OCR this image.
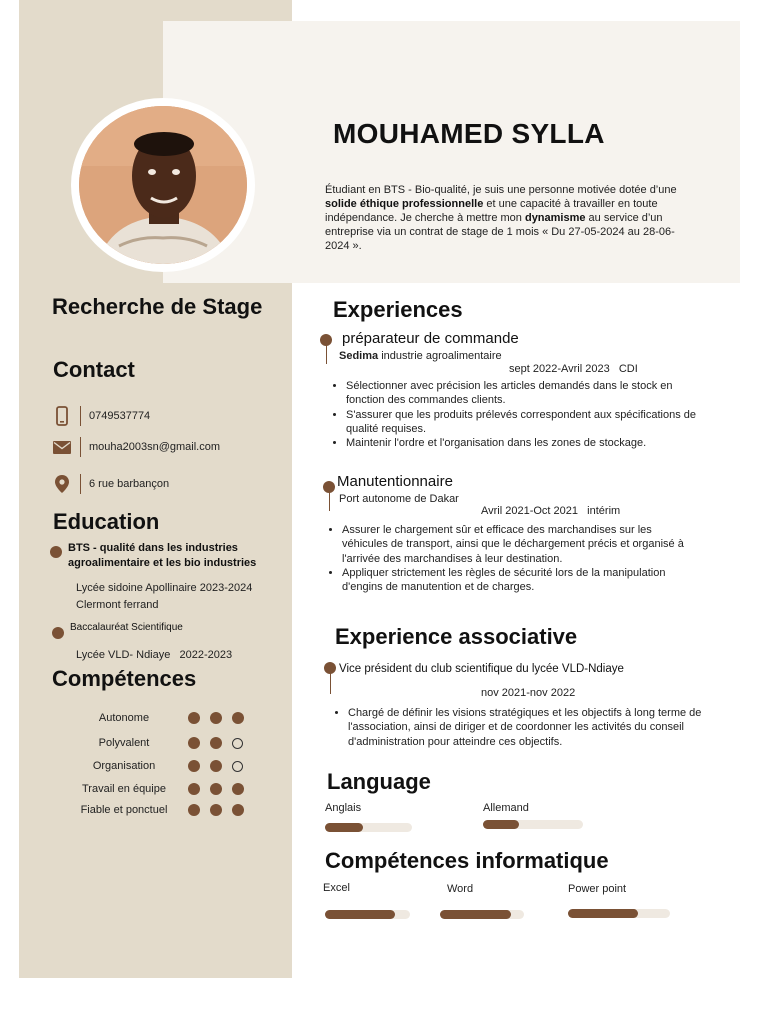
MOUHAMED SYLLA
Étudiant en BTS - Bio-qualité, je suis une personne motivée dotée d’une solide éthique professionnelle et une capacité à travailler en toute indépendance. Je cherche à mettre mon dynamisme au service d’un entreprise via un contrat de stage de 1 mois « Du 27-05-2024 au 28-06-2024 ».
Recherche de Stage
Contact
0749537774
mouha2003sn@gmail.com
6 rue barbançon
Education
BTS - qualité dans les industries agroalimentaire et les bio industries
Lycée sidoine Apollinaire 2023-2024
Clermont ferrand
Baccalauréat Scientifique
Lycée VLD- Ndiaye   2022-2023
Compétences
Autonome
Polyvalent
Organisation
Travail en équipe
Fiable et ponctuel
Experiences
préparateur de commande
Sedima industrie agroalimentaire
sept 2022-Avril 2023   CDI
• Sélectionner avec précision les articles demandés dans le stock en fonction des commandes clients.
• S'assurer que les produits prélevés correspondent aux spécifications de qualité requises.
• Maintenir l'ordre et l'organisation dans les zones de stockage.
Manutentionnaire
Port autonome de Dakar
Avril 2021-Oct 2021   intérim
• Assurer le chargement sûr et efficace des marchandises sur les véhicules de transport, ainsi que le déchargement précis et organisé à l'arrivée des marchandises à leur destination.
• Appliquer strictement les règles de sécurité lors de la manipulation d'engins de manutention et de charges.
Experience associative
Vice président du club scientifique du lycée VLD-Ndiaye
nov 2021-nov 2022
• Chargé de définir les visions stratégiques et les objectifs à long terme de l'association, ainsi de diriger et de coordonner les activités du conseil d'administration pour atteindre ces objectifs.
Language
Anglais	Allemand
Compétences informatique
Excel	Word	Power point
